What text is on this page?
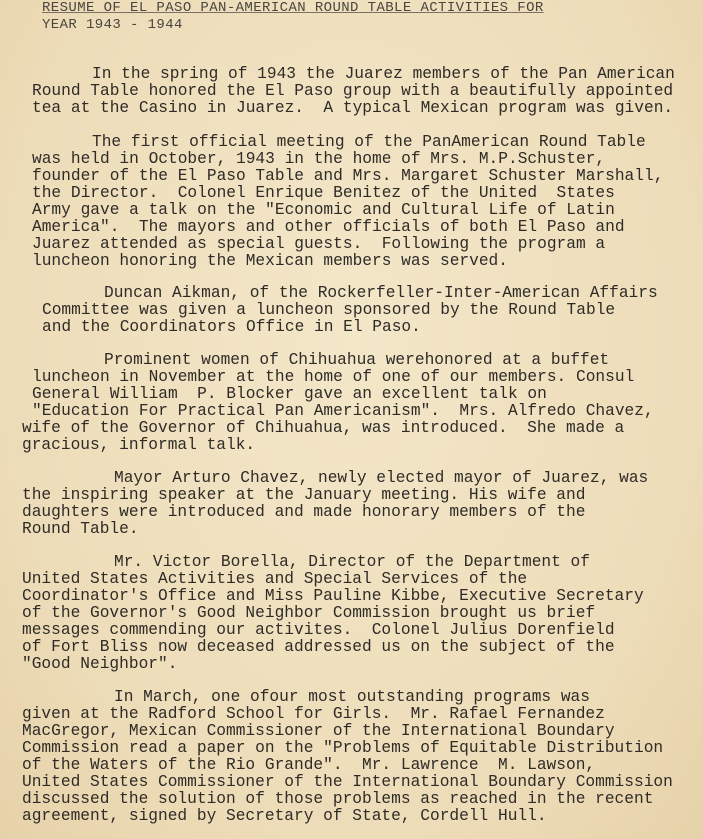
RESUME OF EL PASO PAN-AMERICAN ROUND TABLE ACTIVITIES FOR
YEAR 1943 - 1944
In the spring of 1943 the Juarez members of the Pan American
Round Table honored the El Paso group with a beautifully appointed
tea at the Casino in Juarez.  A typical Mexican program was given.
The first official meeting of the PanAmerican Round Table
was held in October, 1943 in the home of Mrs. M.P.Schuster,
founder of the El Paso Table and Mrs. Margaret Schuster Marshall,
the Director.  Colonel Enrique Benitez of the United  States
Army gave a talk on the "Economic and Cultural Life of Latin
America".  The mayors and other officials of both El Paso and
Juarez attended as special guests.  Following the program a
luncheon honoring the Mexican members was served.
Duncan Aikman, of the Rockerfeller-Inter-American Affairs
Committee was given a luncheon sponsored by the Round Table
and the Coordinators Office in El Paso.
Prominent women of Chihuahua werehonored at a buffet
luncheon in November at the home of one of our members. Consul
General William  P. Blocker gave an excellent talk on
"Education For Practical Pan Americanism".  Mrs. Alfredo Chavez,
wife of the Governor of Chihuahua, was introduced.  She made a
gracious, informal talk.
Mayor Arturo Chavez, newly elected mayor of Juarez, was
the inspiring speaker at the January meeting. His wife and
daughters were introduced and made honorary members of the
Round Table.
Mr. Victor Borella, Director of the Department of
United States Activities and Special Services of the
Coordinator's Office and Miss Pauline Kibbe, Executive Secretary
of the Governor's Good Neighbor Commission brought us brief
messages commending our activites.  Colonel Julius Dorenfield
of Fort Bliss now deceased addressed us on the subject of the
"Good Neighbor".
In March, one ofour most outstanding programs was
given at the Radford School for Girls.  Mr. Rafael Fernandez
MacGregor, Mexican Commissioner of the International Boundary
Commission read a paper on the "Problems of Equitable Distribution
of the Waters of the Rio Grande".  Mr. Lawrence  M. Lawson,
United States Commissioner of the International Boundary Commission
discussed the solution of those problems as reached in the recent
agreement, signed by Secretary of State, Cordell Hull.
